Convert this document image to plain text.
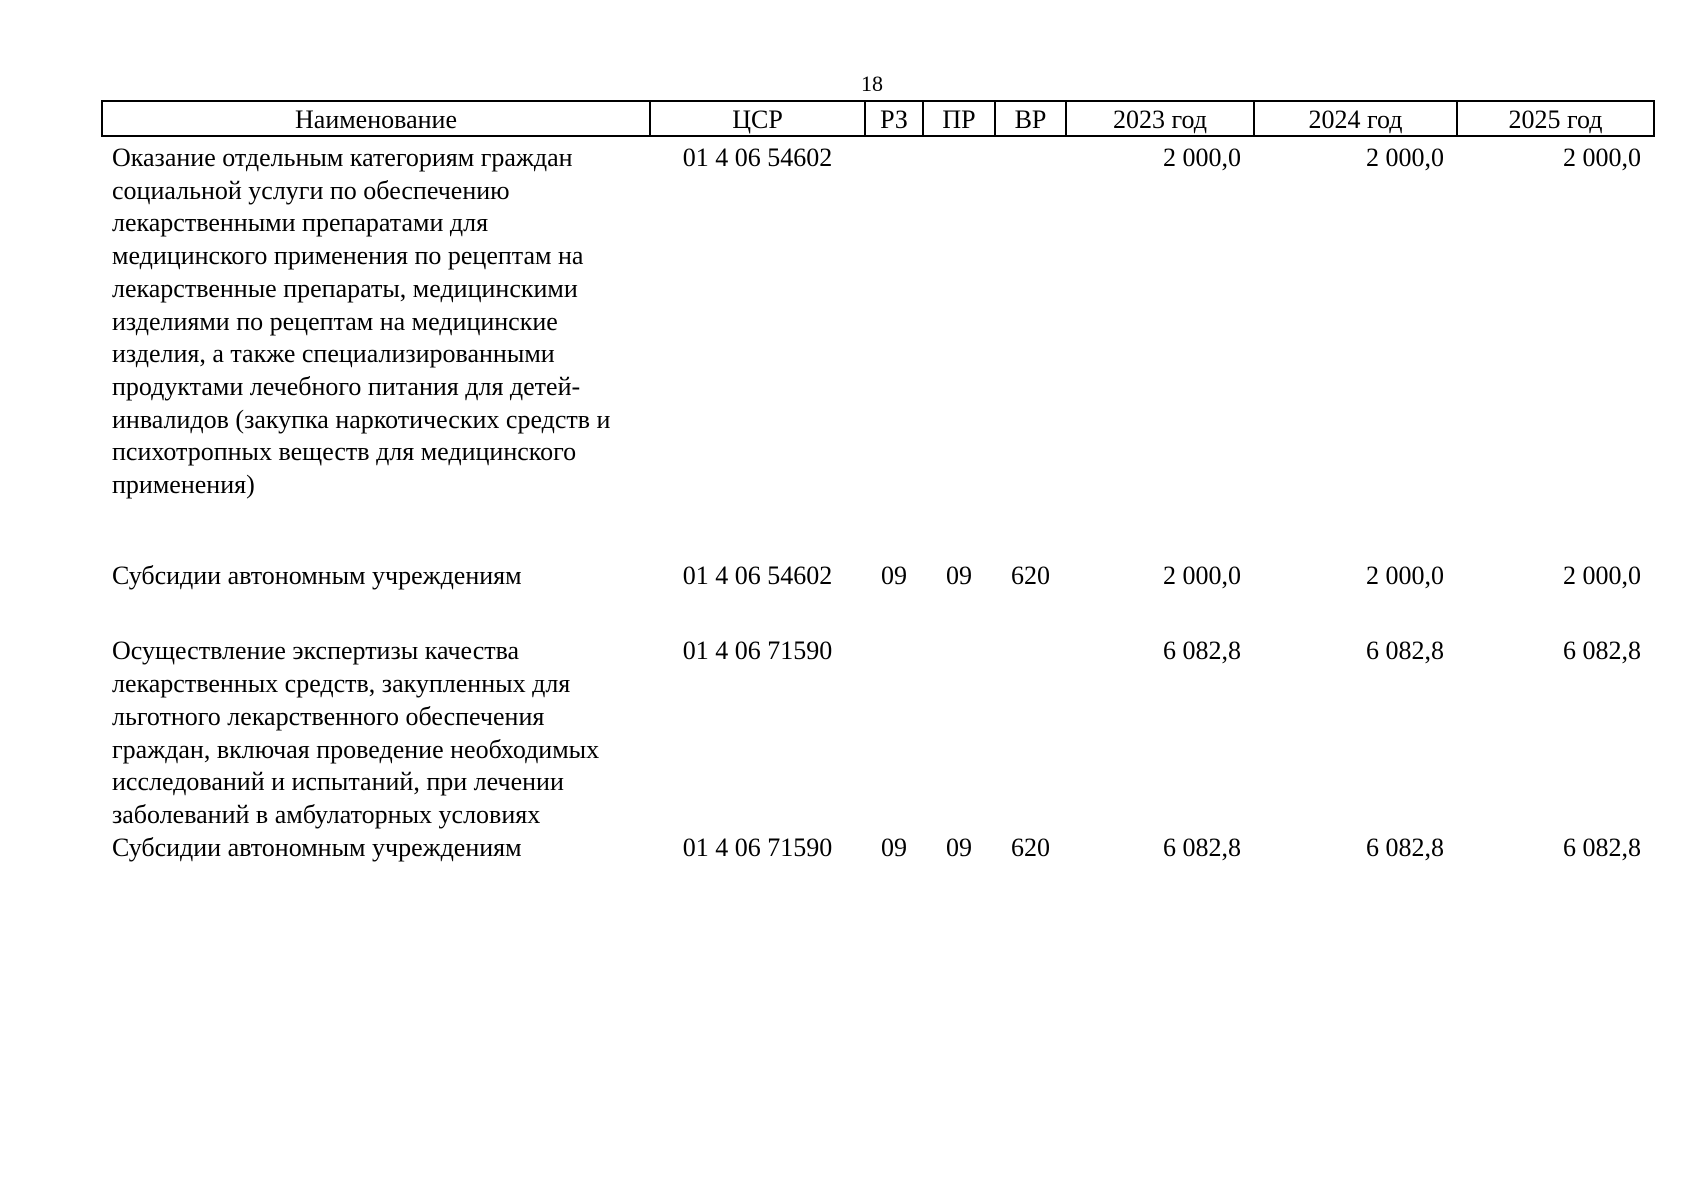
18
Наименование	ЦСР	РЗ	ПР	ВР	2023 год	2024 год	2025 год
Оказание отдельным категориям граждан социальной услуги по обеспечению лекарственными препаратами для медицинского применения по рецептам на лекарственные препараты, медицинскими изделиями по рецептам на медицинские изделия, а также специализированными продуктами лечебного питания для детей-инвалидов (закупка наркотических средств и психотропных веществ для медицинского применения)	01 4 06 54602				2 000,0	2 000,0	2 000,0

Субсидии автономным учреждениям	01 4 06 54602	09	09	620	2 000,0	2 000,0	2 000,0

Осуществление экспертизы качества лекарственных средств, закупленных для льготного лекарственного обеспечения граждан, включая проведение необходимых исследований и испытаний, при лечении заболеваний в амбулаторных условиях	01 4 06 71590				6 082,8	6 082,8	6 082,8
Субсидии автономным учреждениям	01 4 06 71590	09	09	620	6 082,8	6 082,8	6 082,8
